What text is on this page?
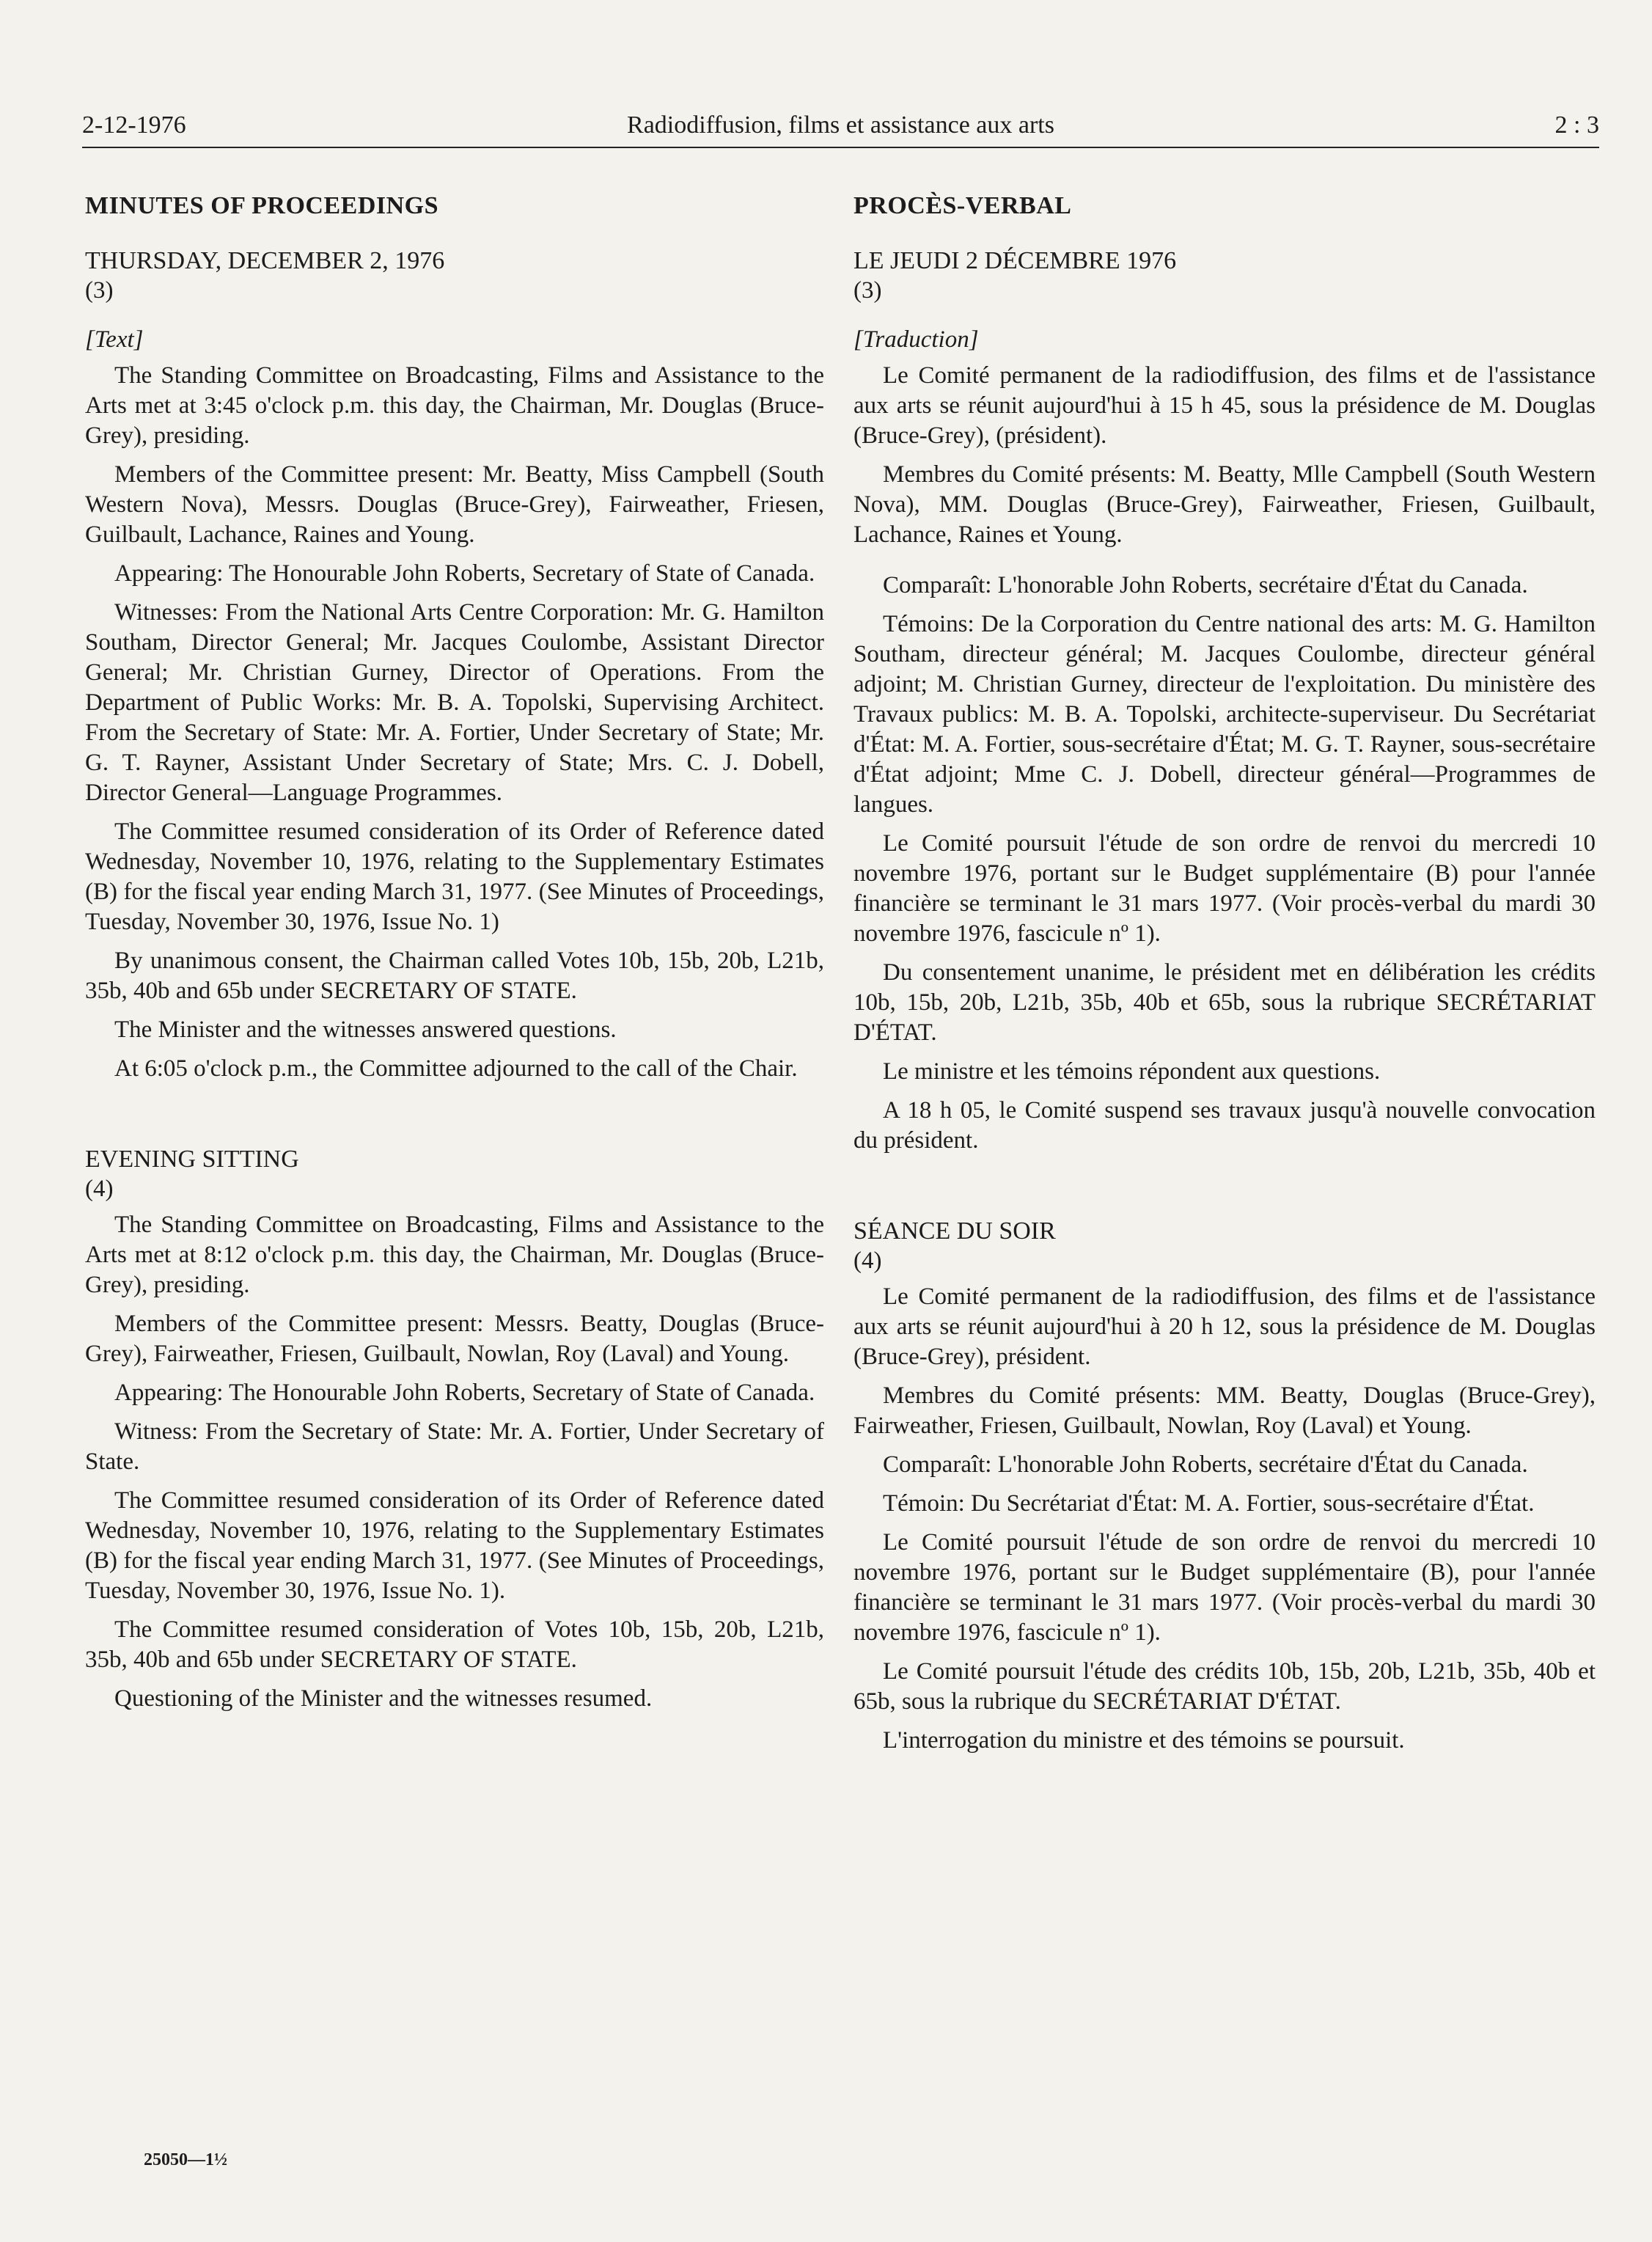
2-12-1976	Radiodiffusion, films et assistance aux arts	2 : 3
MINUTES OF PROCEEDINGS

THURSDAY, DECEMBER 2, 1976

(3)

[Text]

The Standing Committee on Broadcasting, Films and Assistance to the Arts met at 3:45 o'clock p.m. this day, the Chairman, Mr. Douglas (Bruce-Grey), presiding.

Members of the Committee present: Mr. Beatty, Miss Campbell (South Western Nova), Messrs. Douglas (Bruce-Grey), Fairweather, Friesen, Guilbault, Lachance, Raines and Young.

Appearing: The Honourable John Roberts, Secretary of State of Canada.

Witnesses: From the National Arts Centre Corporation: Mr. G. Hamilton Southam, Director General; Mr. Jacques Coulombe, Assistant Director General; Mr. Christian Gurney, Director of Operations. From the Department of Public Works: Mr. B. A. Topolski, Supervising Architect. From the Secretary of State: Mr. A. Fortier, Under Secretary of State; Mr. G. T. Rayner, Assistant Under Secretary of State; Mrs. C. J. Dobell, Director General—Language Programmes.

The Committee resumed consideration of its Order of Reference dated Wednesday, November 10, 1976, relating to the Supplementary Estimates (B) for the fiscal year ending March 31, 1977. (See Minutes of Proceedings, Tuesday, November 30, 1976, Issue No. 1)

By unanimous consent, the Chairman called Votes 10b, 15b, 20b, L21b, 35b, 40b and 65b under SECRETARY OF STATE.

The Minister and the witnesses answered questions.

At 6:05 o'clock p.m., the Committee adjourned to the call of the Chair.

EVENING SITTING

(4)

The Standing Committee on Broadcasting, Films and Assistance to the Arts met at 8:12 o'clock p.m. this day, the Chairman, Mr. Douglas (Bruce-Grey), presiding.

Members of the Committee present: Messrs. Beatty, Douglas (Bruce-Grey), Fairweather, Friesen, Guilbault, Nowlan, Roy (Laval) and Young.

Appearing: The Honourable John Roberts, Secretary of State of Canada.

Witness: From the Secretary of State: Mr. A. Fortier, Under Secretary of State.

The Committee resumed consideration of its Order of Reference dated Wednesday, November 10, 1976, relating to the Supplementary Estimates (B) for the fiscal year ending March 31, 1977. (See Minutes of Proceedings, Tuesday, November 30, 1976, Issue No. 1).

The Committee resumed consideration of Votes 10b, 15b, 20b, L21b, 35b, 40b and 65b under SECRETARY OF STATE.

Questioning of the Minister and the witnesses resumed.

PROCÈS-VERBAL

LE JEUDI 2 DÉCEMBRE 1976

(3)

[Traduction]

Le Comité permanent de la radiodiffusion, des films et de l'assistance aux arts se réunit aujourd'hui à 15 h 45, sous la présidence de M. Douglas (Bruce-Grey), (président).

Membres du Comité présents: M. Beatty, Mlle Campbell (South Western Nova), MM. Douglas (Bruce-Grey), Fairweather, Friesen, Guilbault, Lachance, Raines et Young.

Comparaît: L'honorable John Roberts, secrétaire d'État du Canada.

Témoins: De la Corporation du Centre national des arts: M. G. Hamilton Southam, directeur général; M. Jacques Coulombe, directeur général adjoint; M. Christian Gurney, directeur de l'exploitation. Du ministère des Travaux publics: M. B. A. Topolski, architecte-superviseur. Du Secrétariat d'État: M. A. Fortier, sous-secrétaire d'État; M. G. T. Rayner, sous-secrétaire d'État adjoint; Mme C. J. Dobell, directeur général—Programmes de langues.

Le Comité poursuit l'étude de son ordre de renvoi du mercredi 10 novembre 1976, portant sur le Budget supplémentaire (B) pour l'année financière se terminant le 31 mars 1977. (Voir procès-verbal du mardi 30 novembre 1976, fascicule nº 1).

Du consentement unanime, le président met en délibération les crédits 10b, 15b, 20b, L21b, 35b, 40b et 65b, sous la rubrique SECRÉTARIAT D'ÉTAT.

Le ministre et les témoins répondent aux questions.

A 18 h 05, le Comité suspend ses travaux jusqu'à nouvelle convocation du président.

SÉANCE DU SOIR

(4)

Le Comité permanent de la radiodiffusion, des films et de l'assistance aux arts se réunit aujourd'hui à 20 h 12, sous la présidence de M. Douglas (Bruce-Grey), président.

Membres du Comité présents: MM. Beatty, Douglas (Bruce-Grey), Fairweather, Friesen, Guilbault, Nowlan, Roy (Laval) et Young.

Comparaît: L'honorable John Roberts, secrétaire d'État du Canada.

Témoin: Du Secrétariat d'État: M. A. Fortier, sous-secrétaire d'État.

Le Comité poursuit l'étude de son ordre de renvoi du mercredi 10 novembre 1976, portant sur le Budget supplémentaire (B), pour l'année financière se terminant le 31 mars 1977. (Voir procès-verbal du mardi 30 novembre 1976, fascicule nº 1).

Le Comité poursuit l'étude des crédits 10b, 15b, 20b, L21b, 35b, 40b et 65b, sous la rubrique du SECRÉTARIAT D'ÉTAT.

L'interrogation du ministre et des témoins se poursuit.

25050—1½
